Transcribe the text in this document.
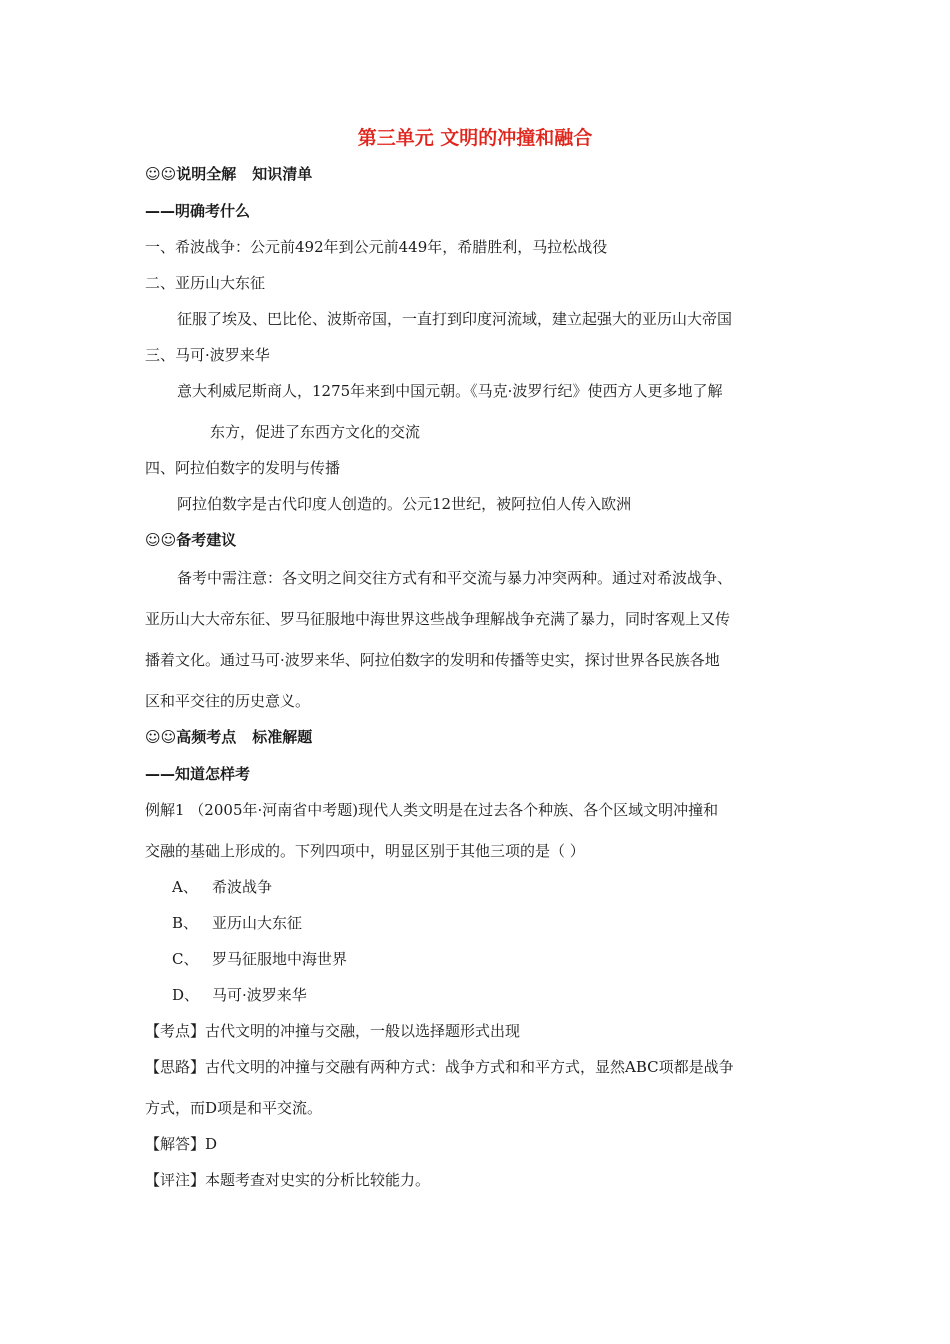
第三单元 文明的冲撞和融合
☺☺说明全解 知识清单
——明确考什么
一、希波战争：公元前492年到公元前449年，希腊胜利，马拉松战役
二、亚历山大东征
征服了埃及、巴比伦、波斯帝国，一直打到印度河流域，建立起强大的亚历山大帝国
三、马可·波罗来华
意大利威尼斯商人，1275年来到中国元朝。《马克·波罗行纪》使西方人更多地了解
东方，促进了东西方文化的交流
四、阿拉伯数字的发明与传播
阿拉伯数字是古代印度人创造的。公元12世纪，被阿拉伯人传入欧洲
☺☺备考建议
备考中需注意：各文明之间交往方式有和平交流与暴力冲突两种。通过对希波战争、
亚历山大大帝东征、罗马征服地中海世界这些战争理解战争充满了暴力，同时客观上又传
播着文化。通过马可·波罗来华、阿拉伯数字的发明和传播等史实，探讨世界各民族各地
区和平交往的历史意义。
☺☺高频考点 标准解题
——知道怎样考
例解1 （2005年·河南省中考题)现代人类文明是在过去各个种族、各个区域文明冲撞和
交融的基础上形成的。下列四项中，明显区别于其他三项的是（ ）
A、 希波战争
B、 亚历山大东征
C、 罗马征服地中海世界
D、 马可·波罗来华
【考点】古代文明的冲撞与交融，一般以选择题形式出现
【思路】古代文明的冲撞与交融有两种方式：战争方式和和平方式，显然ABC项都是战争
方式，而D项是和平交流。
【解答】D
【评注】本题考查对史实的分析比较能力。
